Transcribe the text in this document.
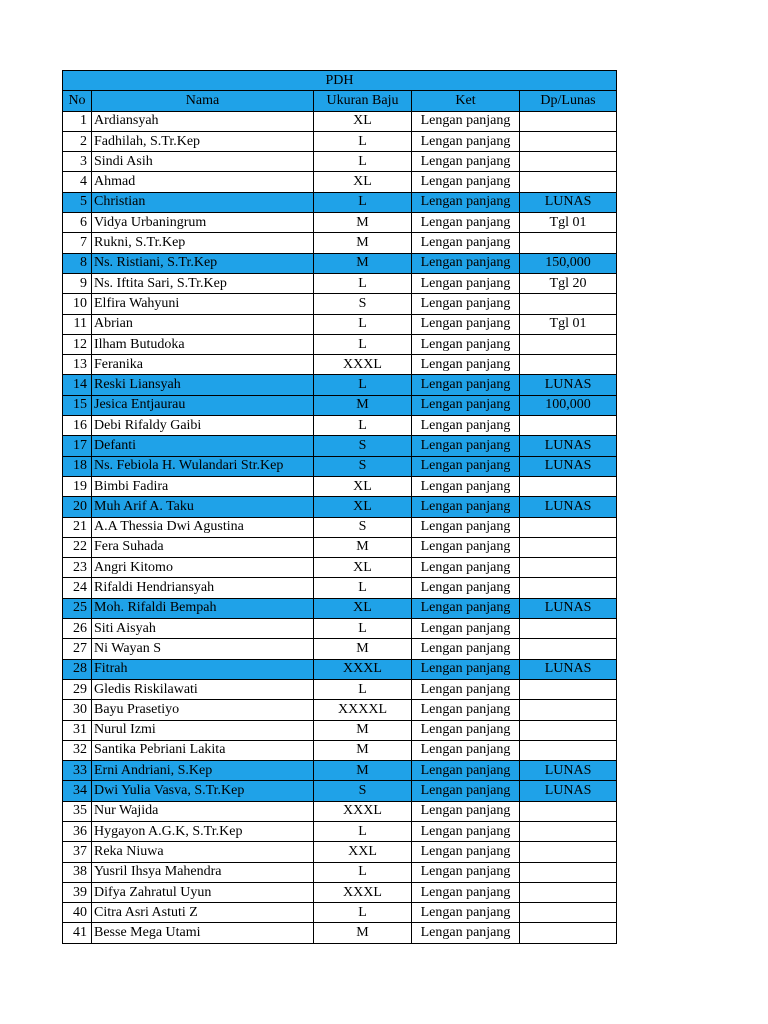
PDH				
No	Nama	Ukuran Baju	Ket	Dp/Lunas
1	Ardiansyah	XL	Lengan panjang	
2	Fadhilah, S.Tr.Kep	L	Lengan panjang	
3	Sindi Asih	L	Lengan panjang	
4	Ahmad	XL	Lengan panjang	
5	Christian	L	Lengan panjang	LUNAS
6	Vidya Urbaningrum	M	Lengan panjang	Tgl 01
7	Rukni, S.Tr.Kep	M	Lengan panjang	
8	Ns. Ristiani, S.Tr.Kep	M	Lengan panjang	150,000
9	Ns. Iftita Sari, S.Tr.Kep	L	Lengan panjang	Tgl 20
10	Elfira Wahyuni	S	Lengan panjang	
11	Abrian	L	Lengan panjang	Tgl 01
12	Ilham Butudoka	L	Lengan panjang	
13	Feranika	XXXL	Lengan panjang	
14	Reski Liansyah	L	Lengan panjang	LUNAS
15	Jesica Entjaurau	M	Lengan panjang	100,000
16	Debi Rifaldy Gaibi	L	Lengan panjang	
17	Defanti	S	Lengan panjang	LUNAS
18	Ns. Febiola H. Wulandari Str.Kep	S	Lengan panjang	LUNAS
19	Bimbi Fadira	XL	Lengan panjang	
20	Muh Arif A. Taku	XL	Lengan panjang	LUNAS
21	A.A Thessia Dwi Agustina	S	Lengan panjang	
22	Fera Suhada	M	Lengan panjang	
23	Angri Kitomo	XL	Lengan panjang	
24	Rifaldi Hendriansyah	L	Lengan panjang	
25	Moh. Rifaldi Bempah	XL	Lengan panjang	LUNAS
26	Siti Aisyah	L	Lengan panjang	
27	Ni Wayan S	M	Lengan panjang	
28	Fitrah	XXXL	Lengan panjang	LUNAS
29	Gledis Riskilawati	L	Lengan panjang	
30	Bayu Prasetiyo	XXXXL	Lengan panjang	
31	Nurul Izmi	M	Lengan panjang	
32	Santika Pebriani Lakita	M	Lengan panjang	
33	Erni Andriani, S.Kep	M	Lengan panjang	LUNAS
34	Dwi Yulia Vasva, S.Tr.Kep	S	Lengan panjang	LUNAS
35	Nur Wajida	XXXL	Lengan panjang	
36	Hygayon A.G.K, S.Tr.Kep	L	Lengan panjang	
37	Reka Niuwa	XXL	Lengan panjang	
38	Yusril Ihsya Mahendra	L	Lengan panjang	
39	Difya Zahratul Uyun	XXXL	Lengan panjang	
40	Citra Asri Astuti Z	L	Lengan panjang	
41	Besse Mega Utami	M	Lengan panjang	
